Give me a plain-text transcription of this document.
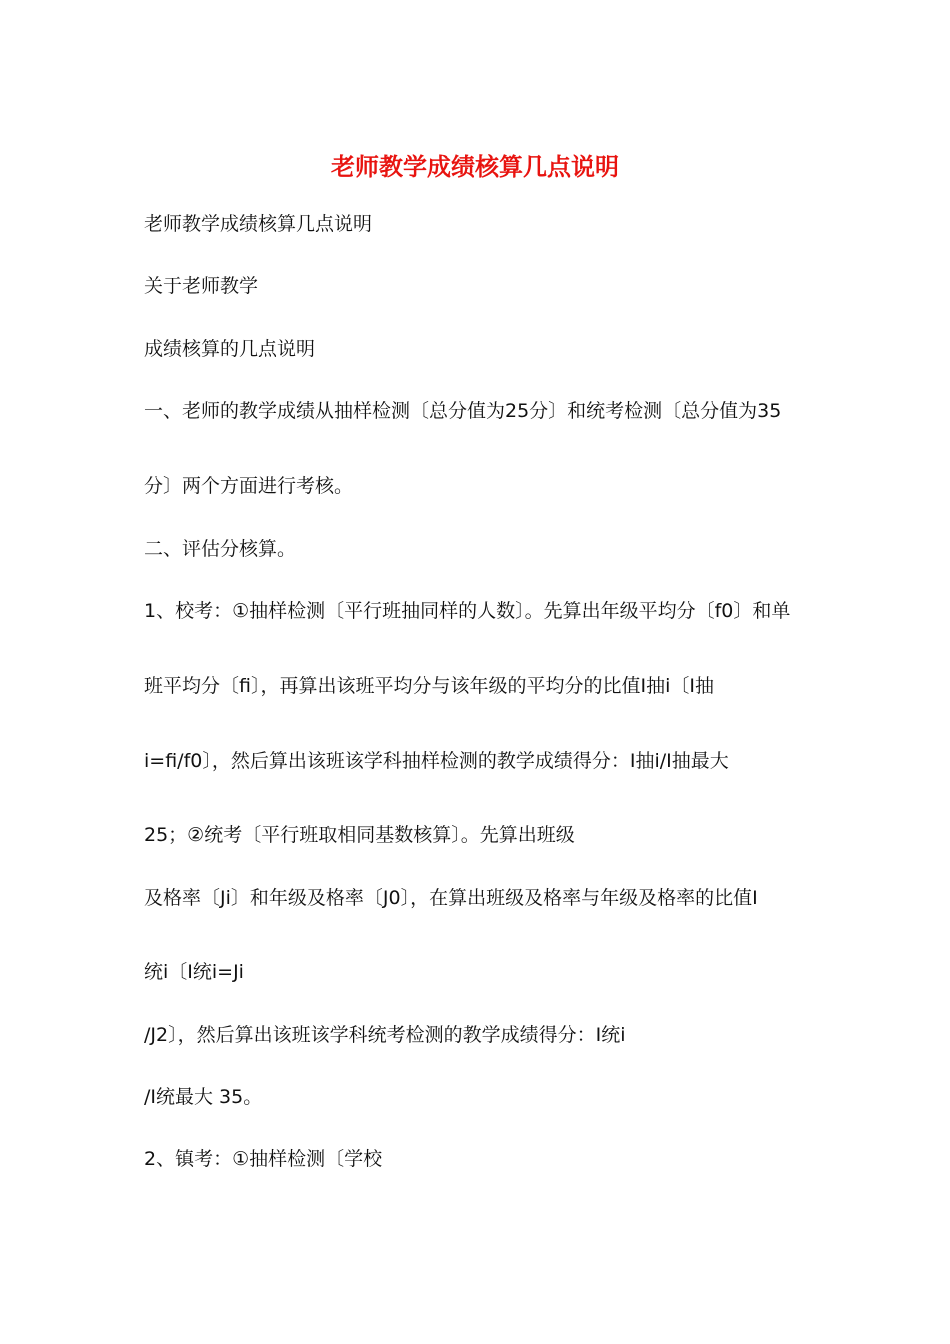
老师教学成绩核算几点说明

老师教学成绩核算几点说明

关于老师教学

成绩核算的几点说明

一、老师的教学成绩从抽样检测〔总分值为25分〕和统考检测〔总分值为35

分〕两个方面进行考核。

二、评估分核算。

1、校考：①抽样检测〔平行班抽同样的人数〕。先算出年级平均分〔f0〕和单

班平均分〔fi〕，再算出该班平均分与该年级的平均分的比值I抽i〔I抽

i=fi/f0〕，然后算出该班该学科抽样检测的教学成绩得分：I抽i/I抽最大

25；②统考〔平行班取相同基数核算〕。先算出班级

及格率〔Ji〕和年级及格率〔J0〕，在算出班级及格率与年级及格率的比值I

统i〔I统i=Ji

/J2〕，然后算出该班该学科统考检测的教学成绩得分：I统i

/I统最大 35。

2、镇考：①抽样检测〔学校
